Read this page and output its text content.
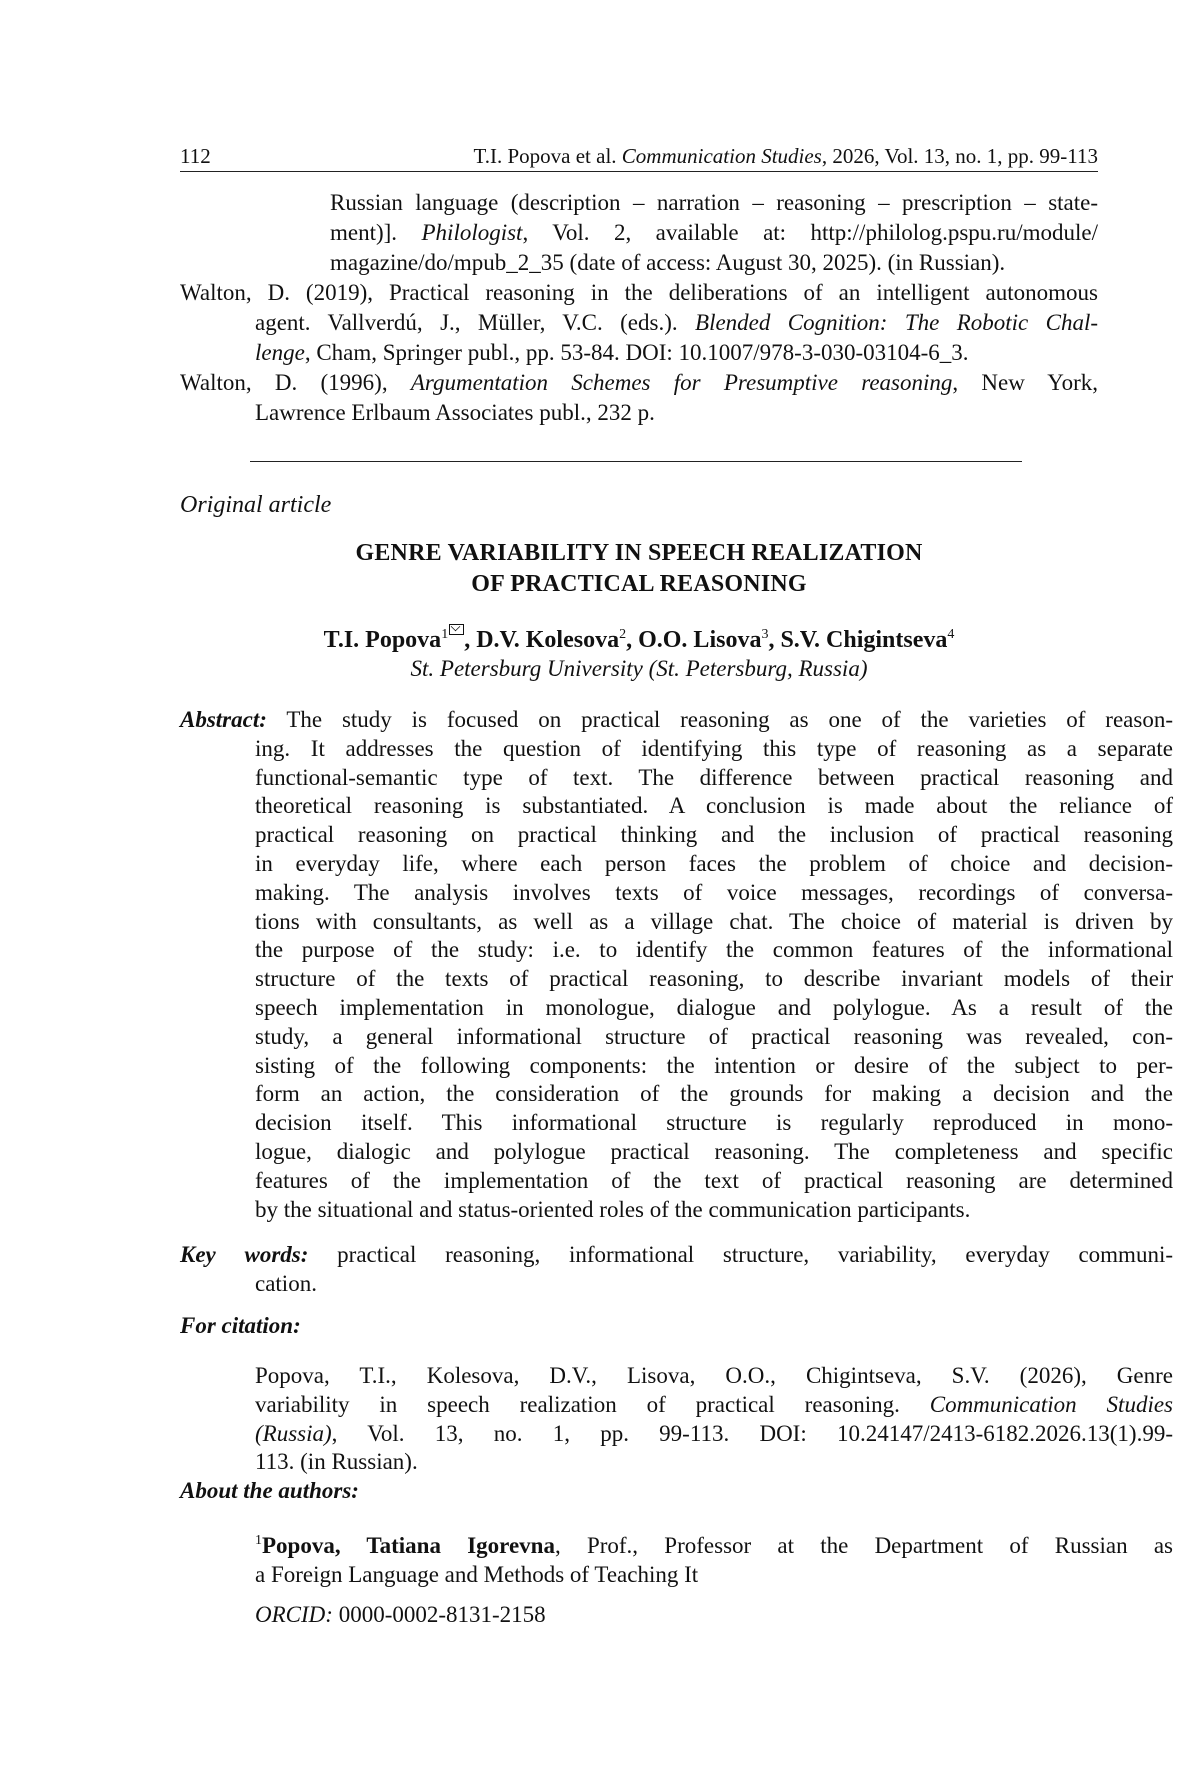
112	T.I. Popova et al. Communication Studies, 2026, Vol. 13, no. 1, pp. 99-113
Russian language (description – narration – reasoning – prescription – state-
ment)]. Philologist, Vol. 2, available at: http://philolog.pspu.ru/module/
magazine/do/mpub_2_35 (date of access: August 30, 2025). (in Russian).
Walton, D. (2019), Practical reasoning in the deliberations of an intelligent autonomous
agent. Vallverdú, J., Müller, V.C. (eds.). Blended Cognition: The Robotic Chal-
lenge, Cham, Springer publ., pp. 53-84. DOI: 10.1007/978-3-030-03104-6_3.
Walton, D. (1996), Argumentation Schemes for Presumptive reasoning, New York,
Lawrence Erlbaum Associates publ., 232 p.
Original article
GENRE VARIABILITY IN SPEECH REALIZATION
OF PRACTICAL REASONING
T.I. Popova$^1$ , D.V. Kolesova$^2$, O.O. Lisova$^3$, S.V. Chigintseva$^4$
St. Petersburg University (St. Petersburg, Russia)
Abstract: The study is focused on practical reasoning as one of the varieties of reason-
ing. It addresses the question of identifying this type of reasoning as a separate
functional-semantic type of text. The difference between practical reasoning and
theoretical reasoning is substantiated. A conclusion is made about the reliance of
practical reasoning on practical thinking and the inclusion of practical reasoning
in everyday life, where each person faces the problem of choice and decision-
making. The analysis involves texts of voice messages, recordings of conversa-
tions with consultants, as well as a village chat. The choice of material is driven by
the purpose of the study: i.e. to identify the common features of the informational
structure of the texts of practical reasoning, to describe invariant models of their
speech implementation in monologue, dialogue and polylogue. As a result of the
study, a general informational structure of practical reasoning was revealed, con-
sisting of the following components: the intention or desire of the subject to per-
form an action, the consideration of the grounds for making a decision and the
decision itself. This informational structure is regularly reproduced in mono-
logue, dialogic and polylogue practical reasoning. The completeness and specific
features of the implementation of the text of practical reasoning are determined
by the situational and status-oriented roles of the communication participants.
Key words: practical reasoning, informational structure, variability, everyday communi-
cation.
For citation:
Popova, T.I., Kolesova, D.V., Lisova, O.O., Chigintseva, S.V. (2026), Genre
variability in speech realization of practical reasoning. Communication Studies
(Russia), Vol. 13, no. 1, pp. 99-113. DOI: 10.24147/2413-6182.2026.13(1).99-
113. (in Russian).
About the authors:
$^1$Popova, Tatiana Igorevna, Prof., Professor at the Department of Russian as
a Foreign Language and Methods of Teaching It
ORCID: 0000-0002-8131-2158
